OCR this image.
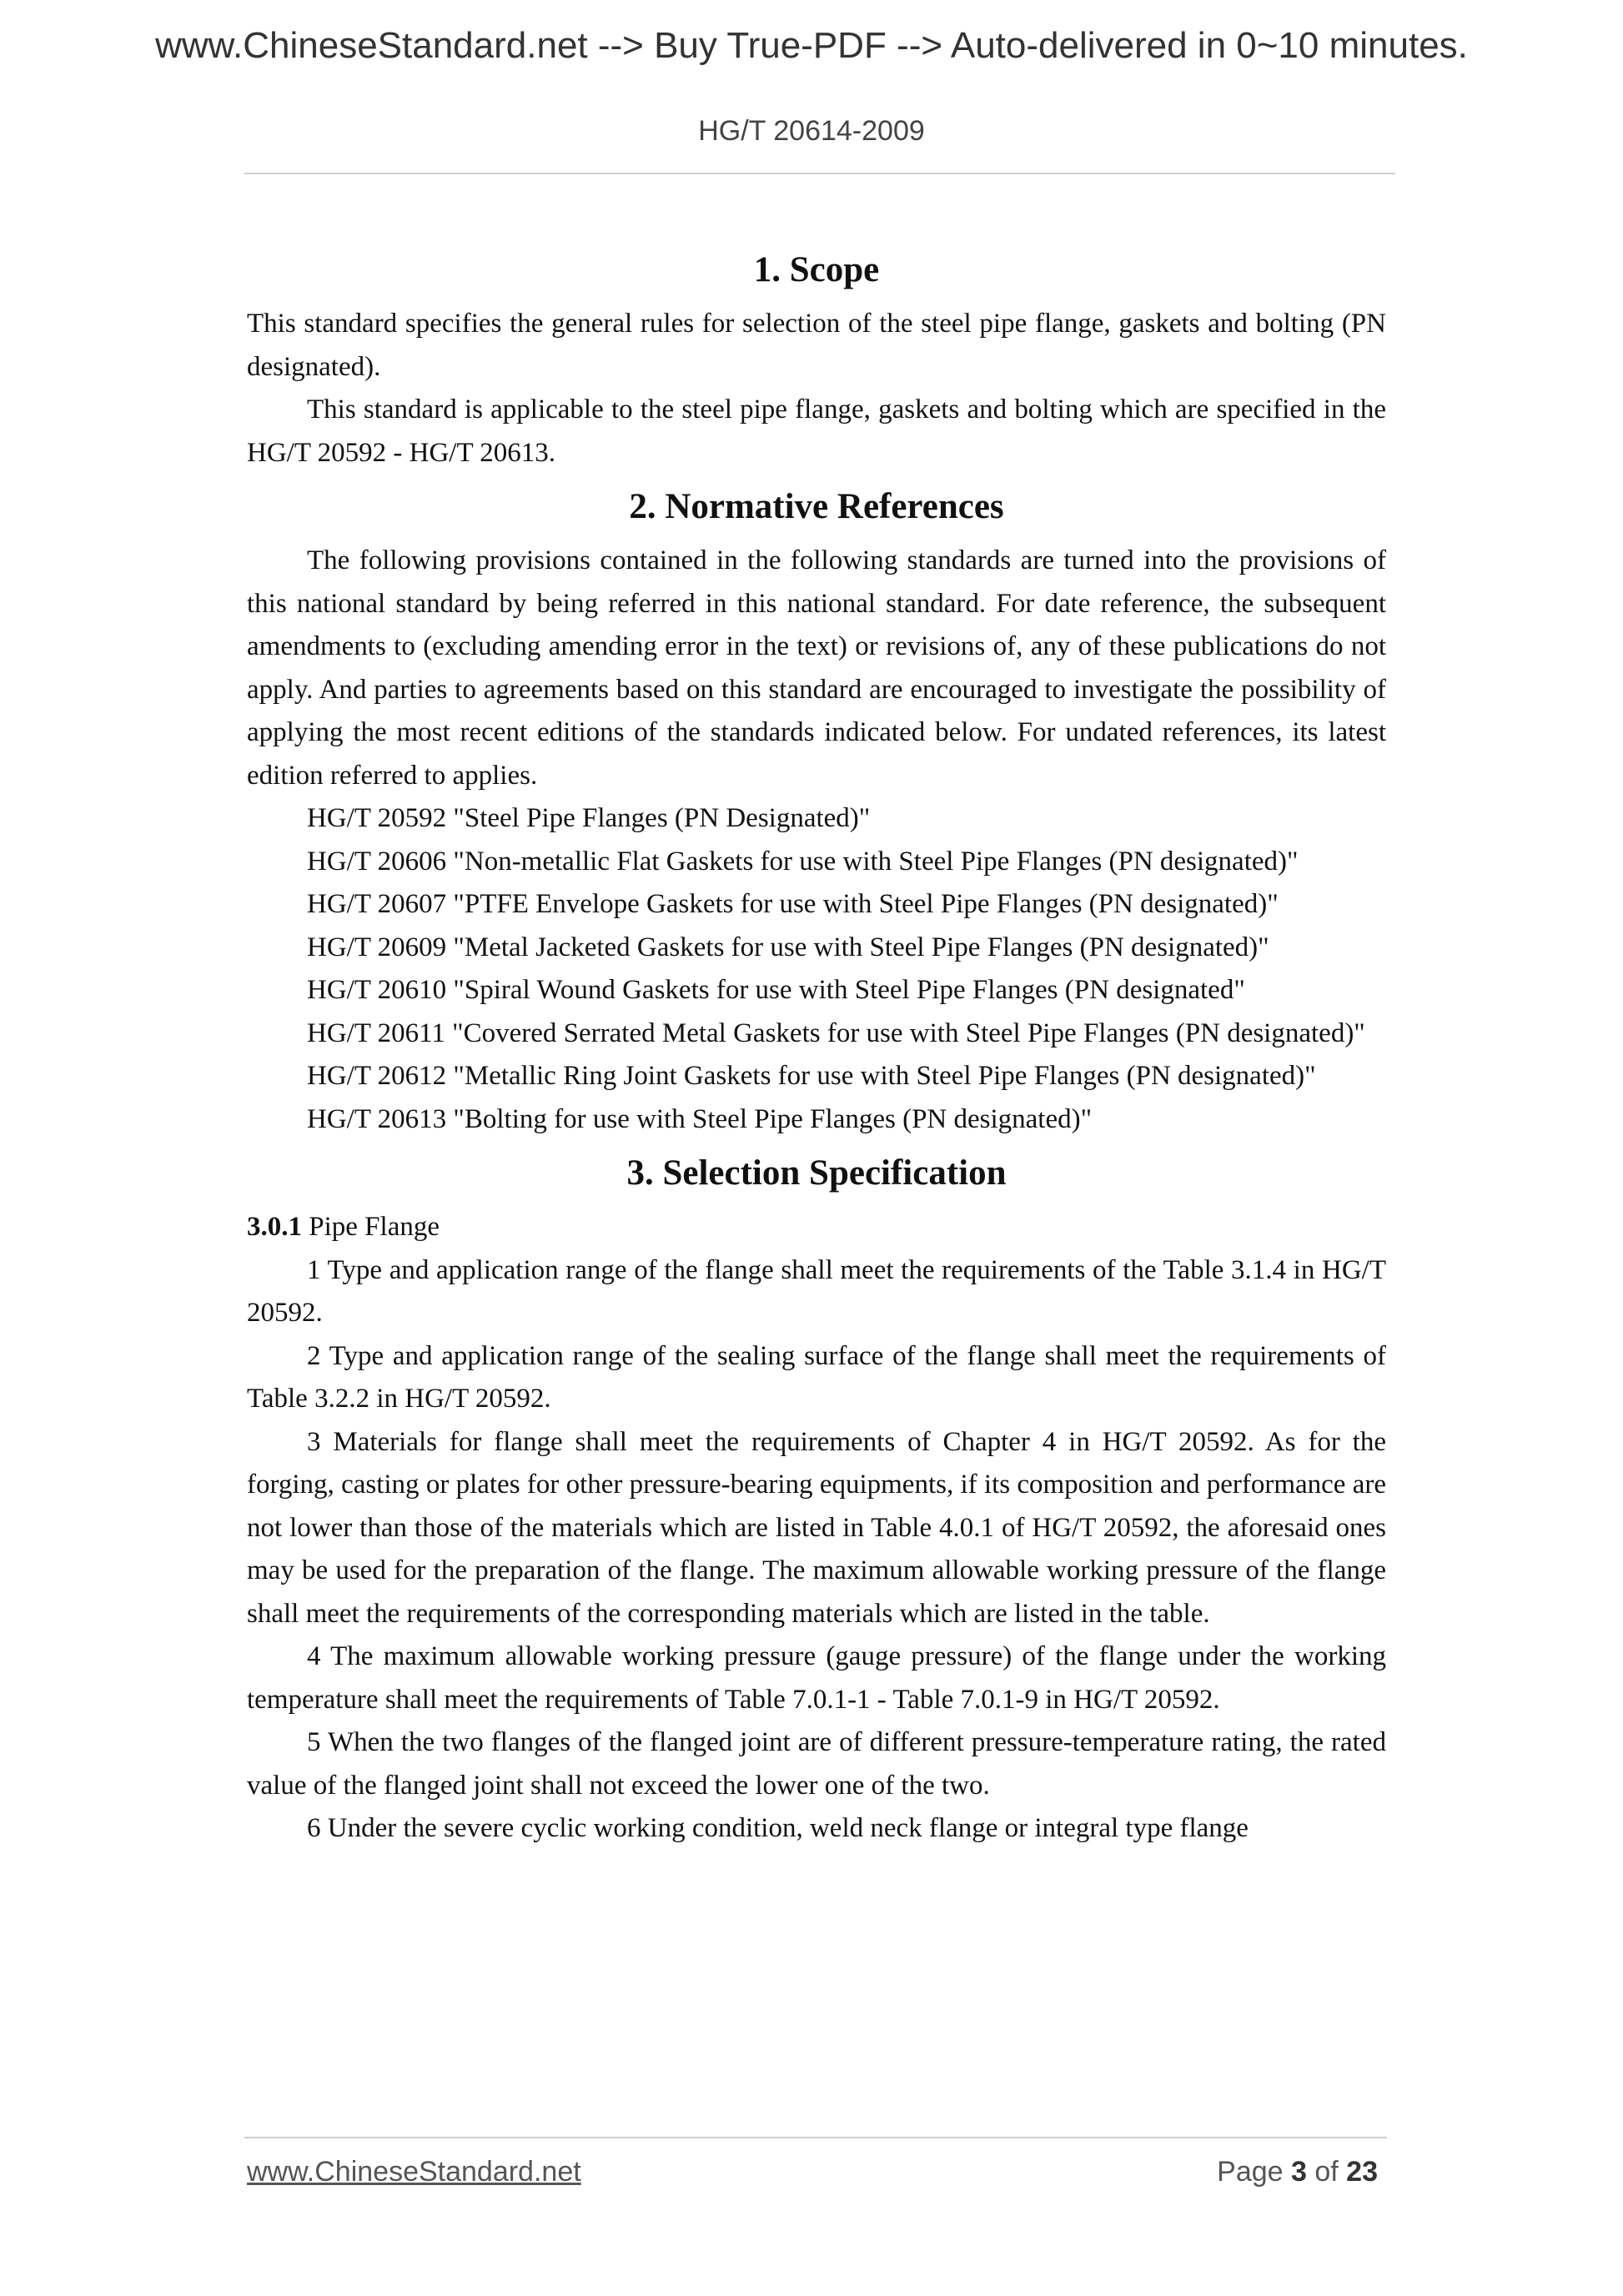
www.ChineseStandard.net --> Buy True-PDF --> Auto-delivered in 0~10 minutes.
HG/T 20614-2009
1. Scope

This standard specifies the general rules for selection of the steel pipe flange, gaskets and bolting (PN designated).

This standard is applicable to the steel pipe flange, gaskets and bolting which are specified in the HG/T 20592 - HG/T 20613.

2. Normative References

The following provisions contained in the following standards are turned into the provisions of this national standard by being referred in this national standard. For date reference, the subsequent amendments to (excluding amending error in the text) or revisions of, any of these publications do not apply. And parties to agreements based on this standard are encouraged to investigate the possibility of applying the most recent editions of the standards indicated below. For undated references, its latest edition referred to applies.

HG/T 20592 "Steel Pipe Flanges (PN Designated)"

HG/T 20606 "Non-metallic Flat Gaskets for use with Steel Pipe Flanges (PN designated)"

HG/T 20607 "PTFE Envelope Gaskets for use with Steel Pipe Flanges (PN designated)"

HG/T 20609 "Metal Jacketed Gaskets for use with Steel Pipe Flanges (PN designated)"

HG/T 20610 "Spiral Wound Gaskets for use with Steel Pipe Flanges (PN designated"

HG/T 20611 "Covered Serrated Metal Gaskets for use with Steel Pipe Flanges (PN designated)"

HG/T 20612 "Metallic Ring Joint Gaskets for use with Steel Pipe Flanges (PN designated)"

HG/T 20613 "Bolting for use with Steel Pipe Flanges (PN designated)"

3. Selection Specification

3.0.1 Pipe Flange

1 Type and application range of the flange shall meet the requirements of the Table 3.1.4 in HG/T 20592.

2 Type and application range of the sealing surface of the flange shall meet the requirements of Table 3.2.2 in HG/T 20592.

3 Materials for flange shall meet the requirements of Chapter 4 in HG/T 20592. As for the forging, casting or plates for other pressure-bearing equipments, if its composition and performance are not lower than those of the materials which are listed in Table 4.0.1 of HG/T 20592, the aforesaid ones may be used for the preparation of the flange. The maximum allowable working pressure of the flange shall meet the requirements of the corresponding materials which are listed in the table.

4 The maximum allowable working pressure (gauge pressure) of the flange under the working temperature shall meet the requirements of Table 7.0.1-1 - Table 7.0.1-9 in HG/T 20592.

5 When the two flanges of the flanged joint are of different pressure-temperature rating, the rated value of the flanged joint shall not exceed the lower one of the two.

6 Under the severe cyclic working condition, weld neck flange or integral type flange

www.ChineseStandard.net	Page 3 of 23
